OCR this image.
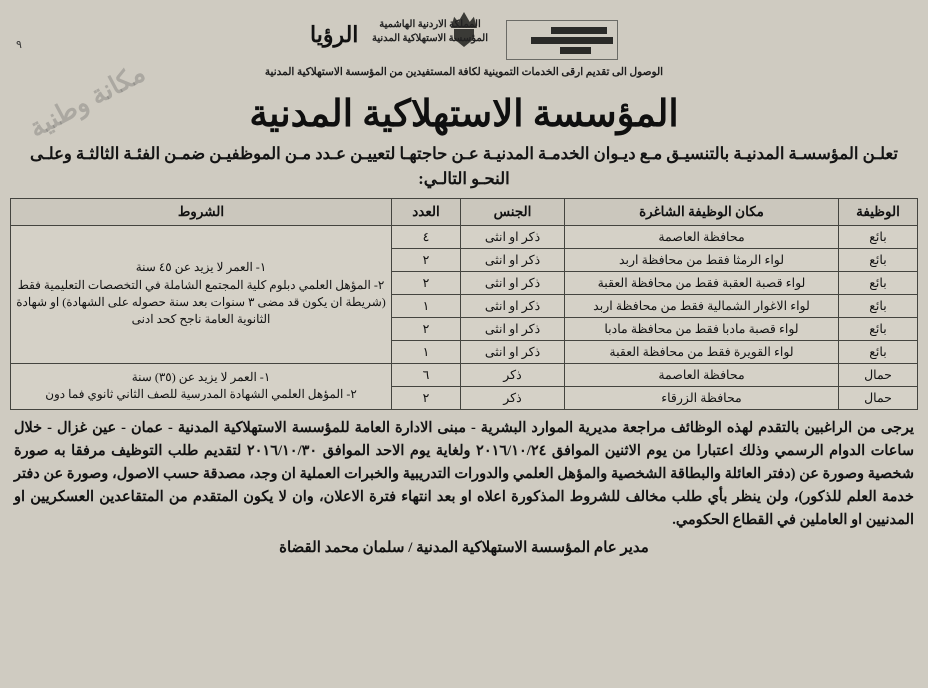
المملكة الاردنية الهاشمية
المؤسسة الاستهلاكية المدنية
الرؤيا
٩
الوصول الى تقديم ارقى الخدمات التموينية لكافة المستفيدين من المؤسسة الاستهلاكية المدنية
مكانة وطنية	المؤسسة الاستهلاكية المدنية
تعلـن المؤسسـة المدنيـة بالتنسيـق مـع ديـوان الخدمـة المدنيـة عـن حاجتهـا لتعييـن عـدد مـن الموظفيـن ضمـن الفئـة الثالثـة وعلـى النحـو التالـي:
الوظيفة	مكان الوظيفة الشاغرة	الجنس	العدد	الشروط
بائع	محافظة العاصمة	ذكر او انثى	٤	١- العمر لا يزيد عن ٤٥ سنة
٢- المؤهل العلمي دبلوم كلية المجتمع الشاملة في التخصصات التعليمية فقط (شريطة ان يكون قد مضى ٣ سنوات بعد سنة حصوله على الشهادة) او شهادة الثانوية العامة ناجح كحد ادنى

بائع	لواء الرمثا فقط من محافظة اربد	ذكر او انثى	٢	
بائع	لواء قصبة العقبة فقط من محافظة العقبة	ذكر او انثى	٢	
بائع	لواء الاغوار الشمالية فقط من محافظة اربد	ذكر او انثى	١	
بائع	لواء قصبة مادبا فقط من محافظة مادبا	ذكر او انثى	٢	
بائع	لواء القويرة فقط من محافظة العقبة	ذكر او انثى	١	
حمال	محافظة العاصمة	ذكر	٦	١- العمر لا يزيد عن (٣٥) سنة
٢- المؤهل العلمي الشهادة المدرسية للصف الثاني ثانوي فما دون

حمال	محافظة الزرقاء	ذكر	٢	
يرجى من الراغبين بالتقدم لهذه الوظائف مراجعة مديرية الموارد البشرية - مبنى الادارة العامة للمؤسسة الاستهلاكية المدنية - عمان - عين غزال - خلال ساعات الدوام الرسمي وذلك اعتبارا من يوم الاثنين الموافق ٢٠١٦/١٠/٢٤ ولغاية يوم الاحد الموافق ٢٠١٦/١٠/٣٠ لتقديم طلب التوظيف مرفقا به صورة شخصية وصورة عن (دفتر العائلة والبطاقة الشخصية والمؤهل العلمي والدورات التدريبية والخبرات العملية ان وجد، مصدقة حسب الاصول، وصورة عن دفتر خدمة العلم للذكور)، ولن ينظر بأي طلب مخالف للشروط المذكورة اعلاه او بعد انتهاء فترة الاعلان، وان لا يكون المتقدم من المتقاعدين العسكريين او المدنيين او العاملين في القطاع الحكومي.
مدير عام المؤسسة الاستهلاكية المدنية / سلمان محمد القضاة
